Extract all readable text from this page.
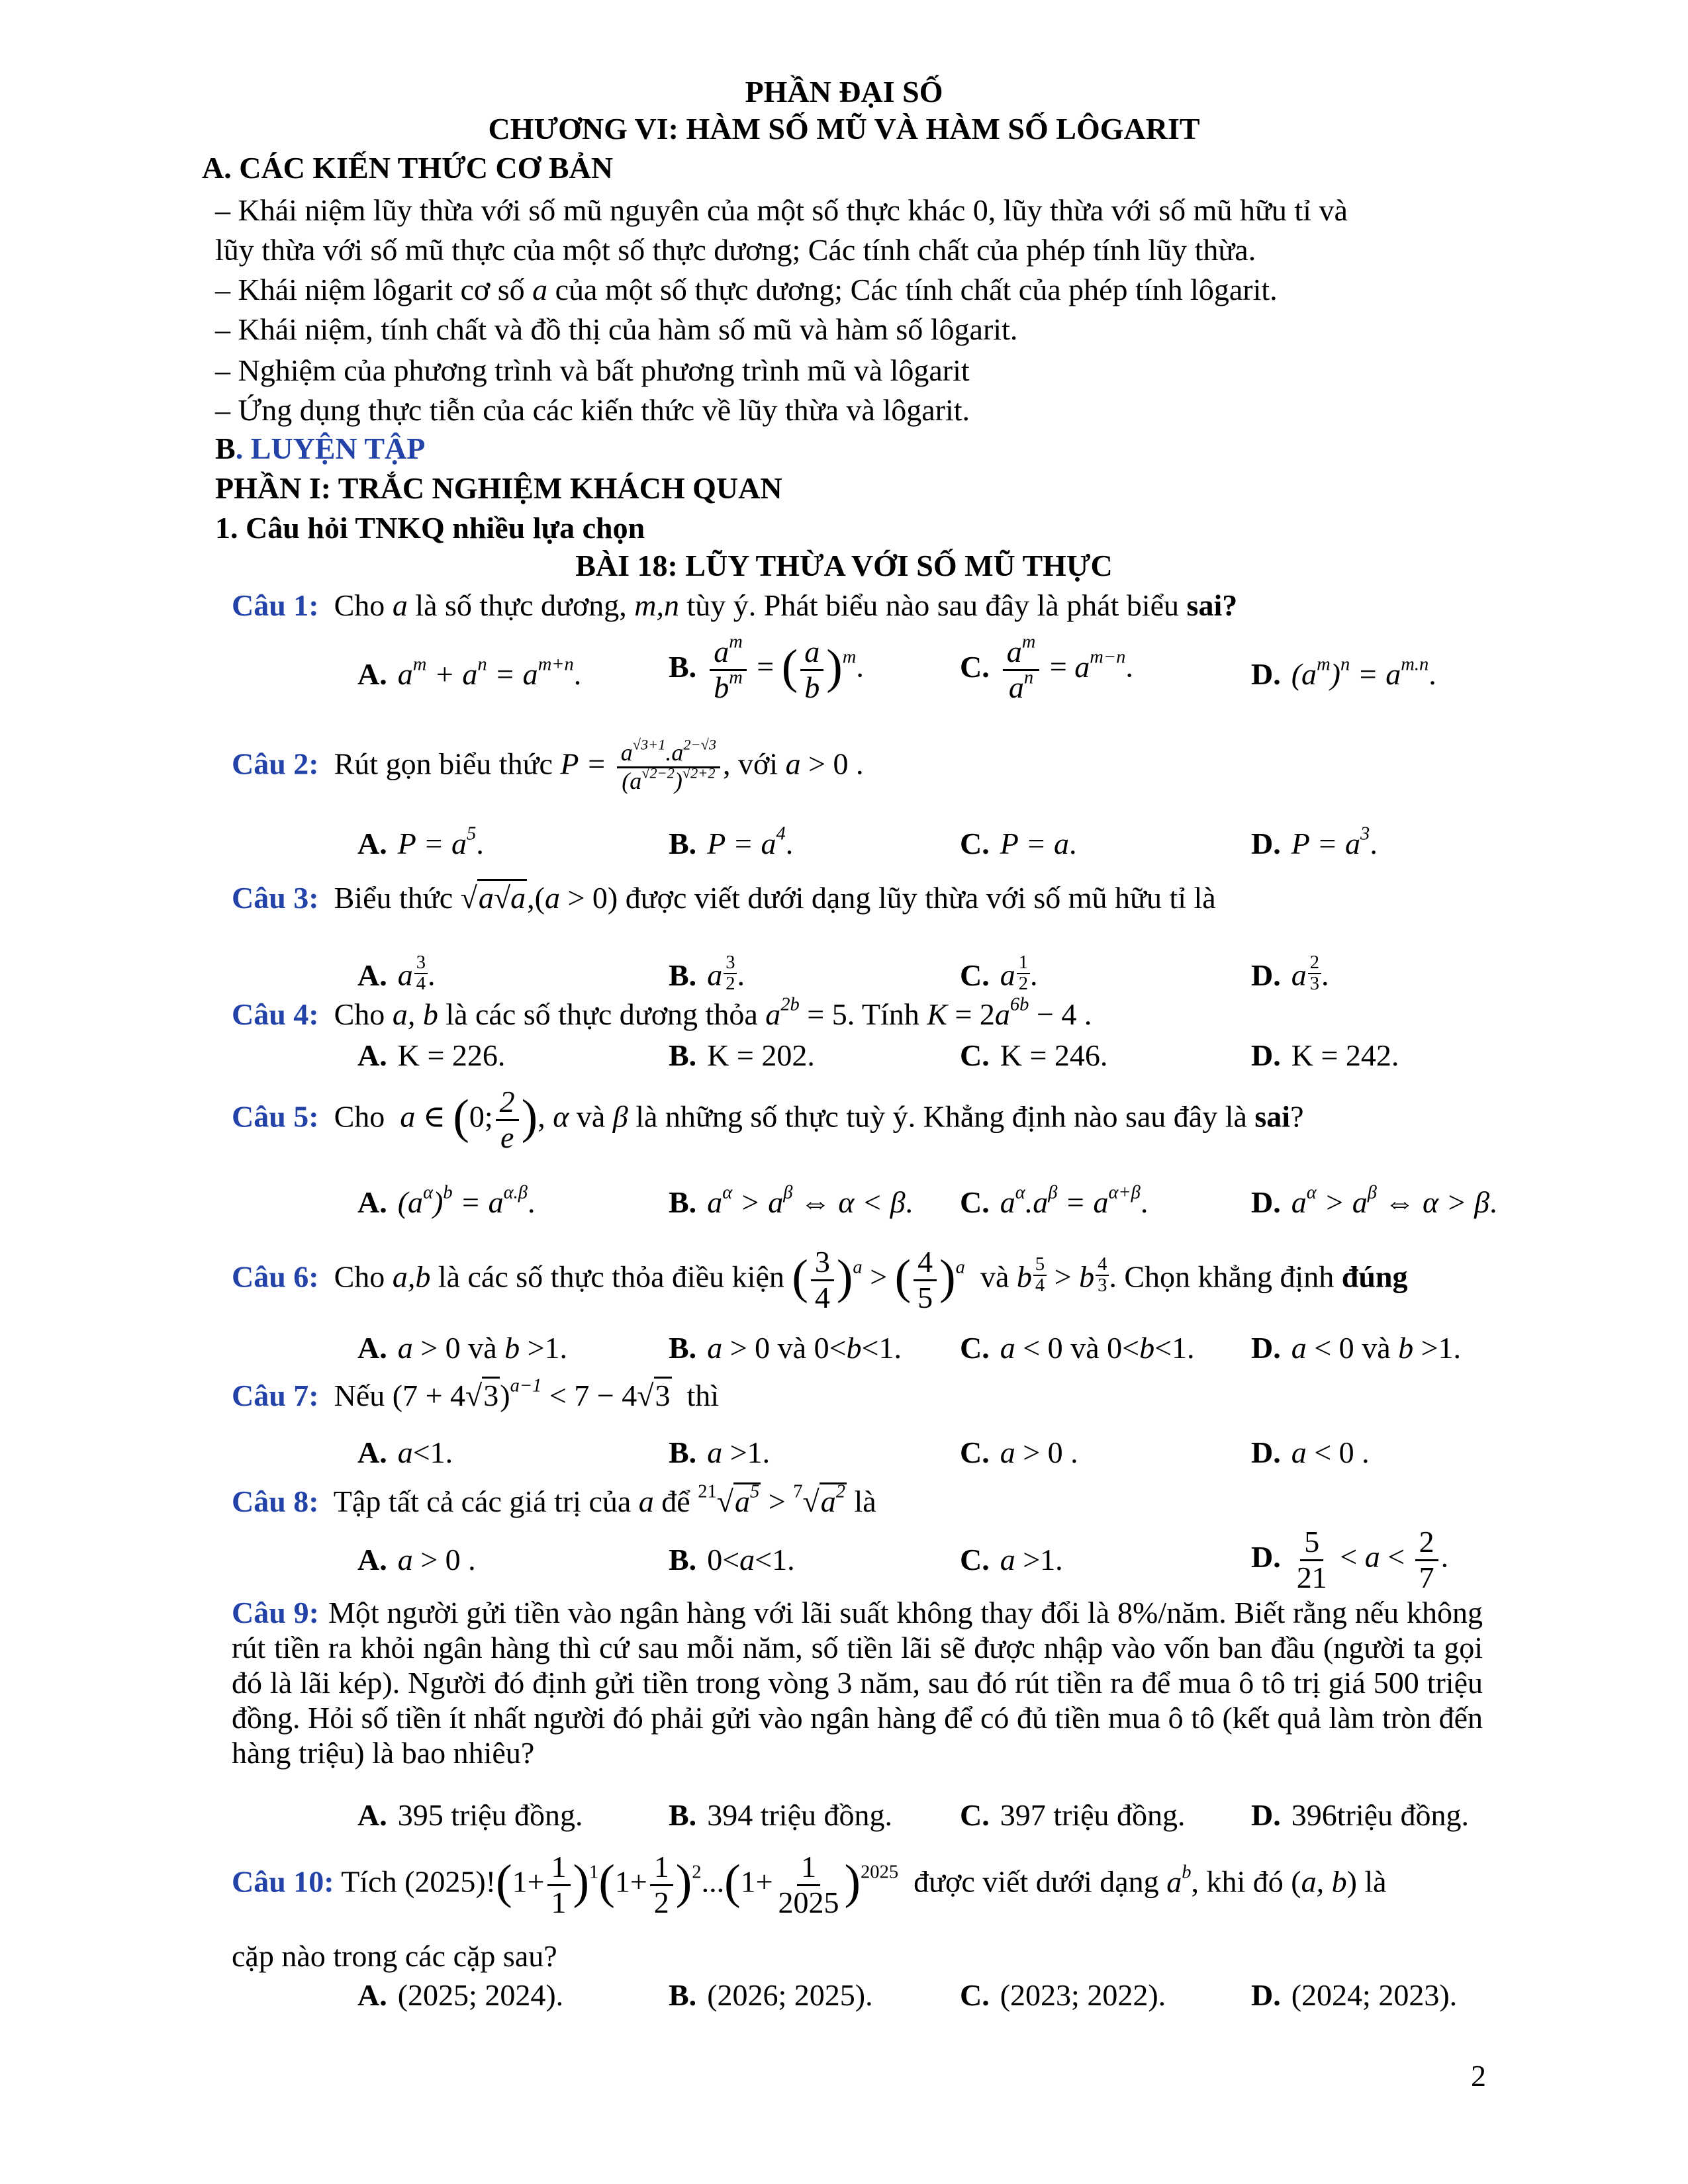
PHẦN ĐẠI SỐ
CHƯƠNG VI: HÀM SỐ MŨ VÀ HÀM SỐ LÔGARIT
A. CÁC KIẾN THỨC CƠ BẢN
– Khái niệm lũy thừa với số mũ nguyên của một số thực khác 0, lũy thừa với số mũ hữu tỉ và
lũy thừa với số mũ thực của một số thực dương; Các tính chất của phép tính lũy thừa.
– Khái niệm lôgarit cơ số a của một số thực dương; Các tính chất của phép tính lôgarit.
– Khái niệm, tính chất và đồ thị của hàm số mũ và hàm số lôgarit.
– Nghiệm của phương trình và bất phương trình mũ và lôgarit
– Ứng dụng thực tiễn của các kiến thức về lũy thừa và lôgarit.
B. LUYỆN TẬP
PHẦN I: TRẮC NGHIỆM KHÁCH QUAN
1. Câu hỏi TNKQ nhiều lựa chọn
BÀI 18: LŨY THỪA VỚI SỐ MŨ THỰC
Câu 1: Cho a là số thực dương, m,n tùy ý. Phát biểu nào sau đây là phát biểu sai?
A. $a^m + a^n = a^{m+n}$.	B. $\frac{a^m}{b^m}$ = ( $\frac{a}{b} )^m$.	C. $\frac{a^m}{a^n} = a^{m-n}$.	D. $(a^m)^n = a^{m.n}$.
Câu 2: Rút gọn biểu thức $P = \frac{a^{√3+1}.a^{2-√3}}{(a^{√2-2})^{√2+2}}$ , với a > 0 .
A. $P = a^5$.	B. $P = a^4$.	C. P = a.	D. $P = a^3$.
Câu 3: Biểu thức √a√a,(a > 0) được viết dưới dạng lũy thừa với số mũ hữu tỉ là
A. a $\frac{3}{4}$ .	B. a $\frac{3}{2}$ .	C. a $\frac{1}{2}$ .	D. a $\frac{2}{3}$ .
Câu 4: Cho a, b là các số thực dương thỏa $a^{2b} = 5$. Tính $K = 2a^{6b} - 4$ .
A. K = 226.	B. K = 202.	C. K = 246.	D. K = 242.
Câu 5: Cho a ∈ (0; $\frac{2}{e}$ ), α và β là những số thực tuỳ ý. Khẳng định nào sau đây là sai?
A. $(a^\alpha)^b = a^{\alpha.\beta}$.	B. $a^\alpha > a^\beta$ ⇔ α < β. C. $a^\alpha.a^\beta = a^{\alpha+\beta}$.	D. $a^\alpha > a^\beta$ ⇔ α > β.
Câu 6: Cho a,b là các số thực thỏa điều kiện ( $\frac{3}{4} )^a$ > ( $\frac{4}{5} )^a$ và b $\frac{5}{4} > b \frac{4}{3}$ . Chọn khẳng định đúng
A. a > 0 và b >1.	B. a > 0 và 0<b<1. C. a < 0 và 0<b<1. D. a < 0 và b >1.
Câu 7: Nếu $(7 + 4√3)^{a-1} < 7 - 4√3$ thì
A. a<1.	B. a >1.	C. a > 0 .	D. a < 0 .
Câu 8: Tập tất cả các giá trị của a để $^{21}√a^5 > ^7√a^2$ là
A. a > 0 .	B. 0<a<1.	C. a >1.	D. $\frac{5}{21} < a < \frac{2}{7}$ .
Câu 9: Một người gửi tiền vào ngân hàng với lãi suất không thay đổi là 8%/năm. Biết rằng nếu không rút tiền ra khỏi ngân hàng thì cứ sau mỗi năm, số tiền lãi sẽ được nhập vào vốn ban đầu (người ta gọi đó là lãi kép). Người đó định gửi tiền trong vòng 3 năm, sau đó rút tiền ra để mua ô tô trị giá 500 triệu đồng. Hỏi số tiền ít nhất người đó phải gửi vào ngân hàng để có đủ tiền mua ô tô (kết quả làm tròn đến hàng triệu) là bao nhiêu?
A. 395 triệu đồng.	B. 394 triệu đồng. C. 397 triệu đồng. D. 396triệu đồng.
Câu 10: Tích $(2025)!(1+ \frac{1}{1} )^1(1+ \frac{1}{2} )^2...(1+ \frac{1}{2025} )^{2025}$ được viết dưới dạng $a^b$, khi đó (a, b) là
cặp nào trong các cặp sau?
A. (2025; 2024).	B. (2026; 2025).	C. (2023; 2022).	D. (2024; 2023).
2
